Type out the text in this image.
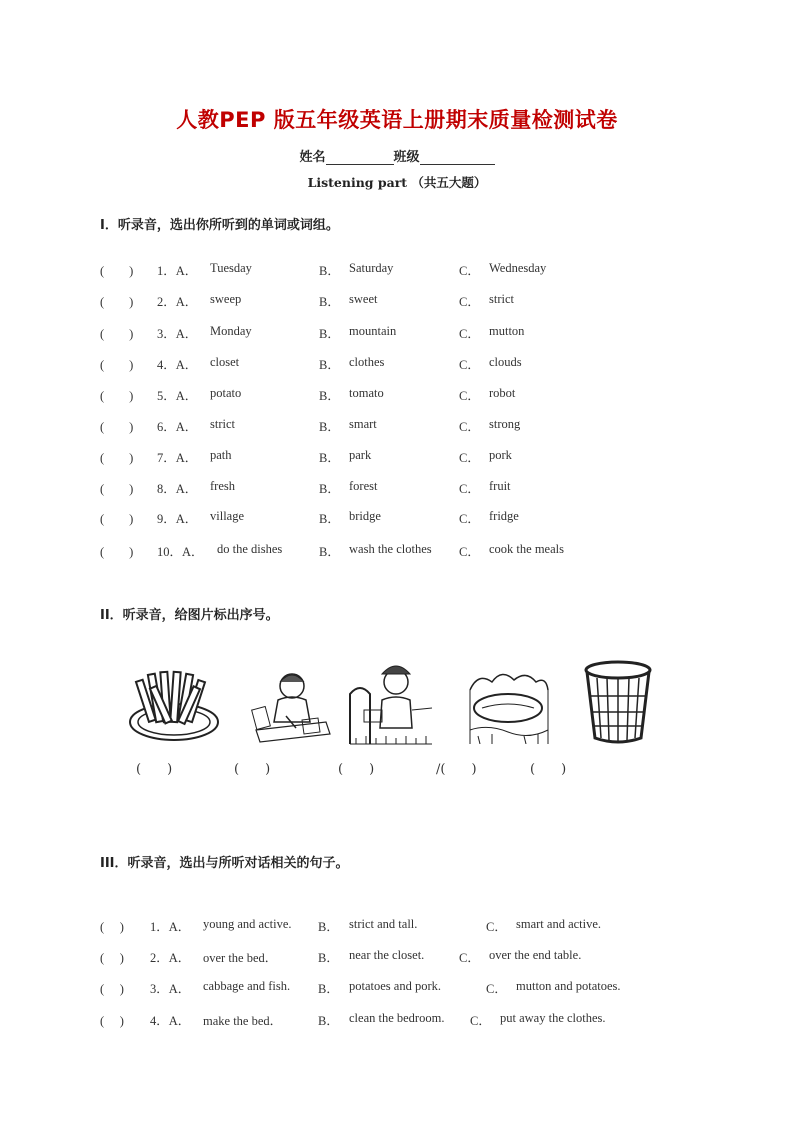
人教PEP 版五年级英语上册期末质量检测试卷
姓名	班级
Listening part （共五大题）
I．听录音，选出你所听到的单词或词组。
(　　) 1．A． Tuesday	B． Saturday	C． Wednesday
(　　) 2．A． sweep	B． sweet	C． strict
(　　) 3．A． Monday	B． mountain	C． mutton
(　　) 4．A． closet	B． clothes	C． clouds
(　　) 5．A． potato	B． tomato	C． robot
(　　) 6．A． strict	B． smart	C． strong
(　　) 7．A． path	B． park	C． pork
(　　) 8．A． fresh	B． forest	C． fruit
(　　) 9．A． village	B． bridge	C． fridge
(　　) 10．A． do the dishes	B． wash the clothes C． cook the meals
II．听录音，给图片标出序号。
(　　)	(　　)	(　　)	/(　　)	(　　)
III．听录音，选出与所听对话相关的句子。
(　 ) 1．A． young and active. B． strict and tall.	C． smart and active.
(　 ) 2．A． over the bed．	B． near the closet.	C． over the end table.
(　 ) 3．A． cabbage and fish. B． potatoes and pork.	C． mutton and potatoes.
(　 ) 4．A． make the bed．	B． clean the bedroom. C． put away the clothes.
